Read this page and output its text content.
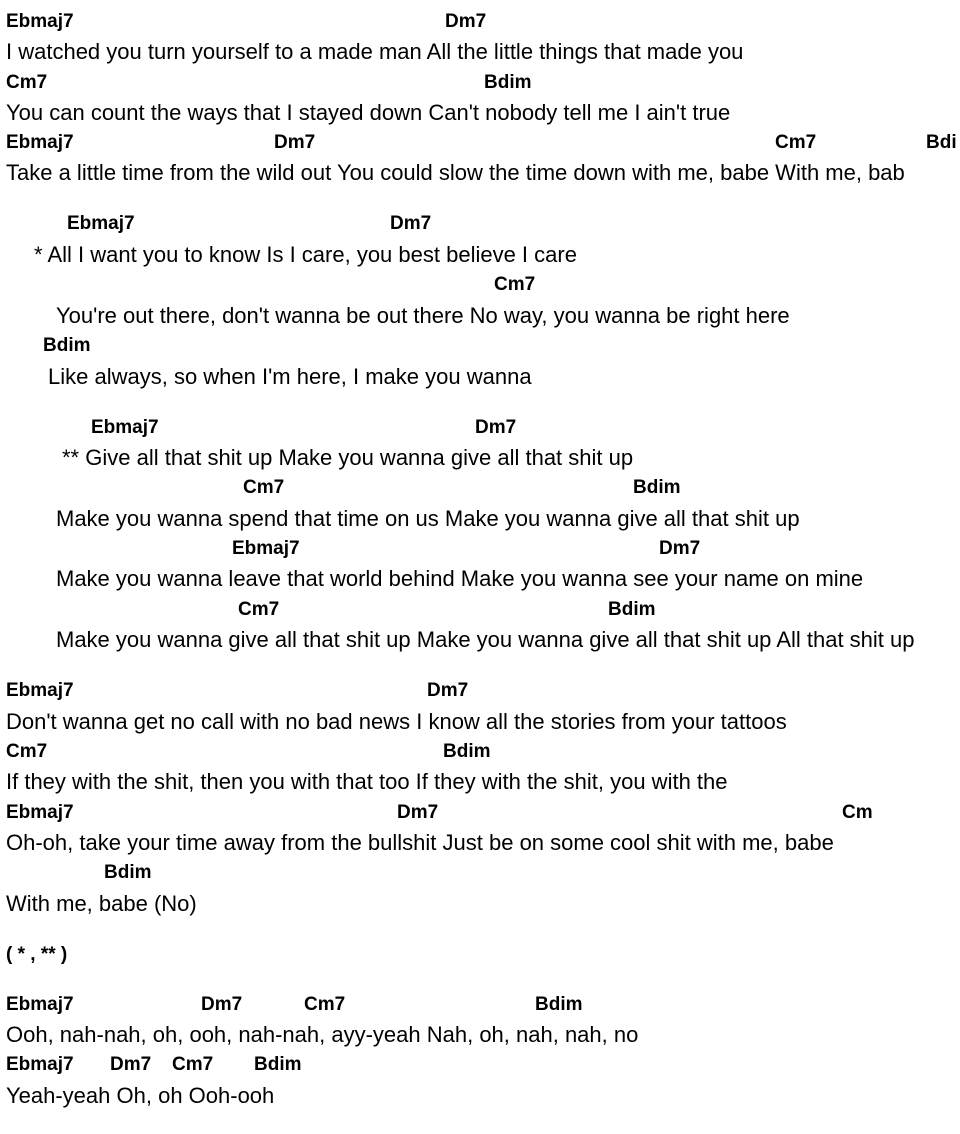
Ebmaj7	Dm7
I watched you turn yourself to a made man All the little things that made you
Cm7	Bdim
You can count the ways that I stayed down Can't nobody tell me I ain't true
Ebmaj7	Dm7	Cm7	Bdi
Take a little time from the wild out You could slow the time down with me, babe With me, bab
Ebmaj7	Dm7
* All I want you to know Is I care, you best believe I care
Cm7
You're out there, don't wanna be out there No way, you wanna be right here
Bdim
Like always, so when I'm here, I make you wanna
Ebmaj7	Dm7
** Give all that shit up Make you wanna give all that shit up
Cm7	Bdim
Make you wanna spend that time on us Make you wanna give all that shit up
Ebmaj7	Dm7
Make you wanna leave that world behind Make you wanna see your name on mine
Cm7	Bdim
Make you wanna give all that shit up Make you wanna give all that shit up All that shit up
Ebmaj7	Dm7
Don't wanna get no call with no bad news I know all the stories from your tattoos
Cm7	Bdim
If they with the shit, then you with that too If they with the shit, you with the
Ebmaj7	Dm7	Cm
Oh-oh, take your time away from the bullshit Just be on some cool shit with me, babe
Bdim
With me, babe (No)
( * , ** )
Ebmaj7	Dm7	Cm7	Bdim
Ooh, nah-nah, oh, ooh, nah-nah, ayy-yeah Nah, oh, nah, nah, no
Ebmaj7 Dm7 Cm7 Bdim
Yeah-yeah Oh, oh Ooh-ooh
